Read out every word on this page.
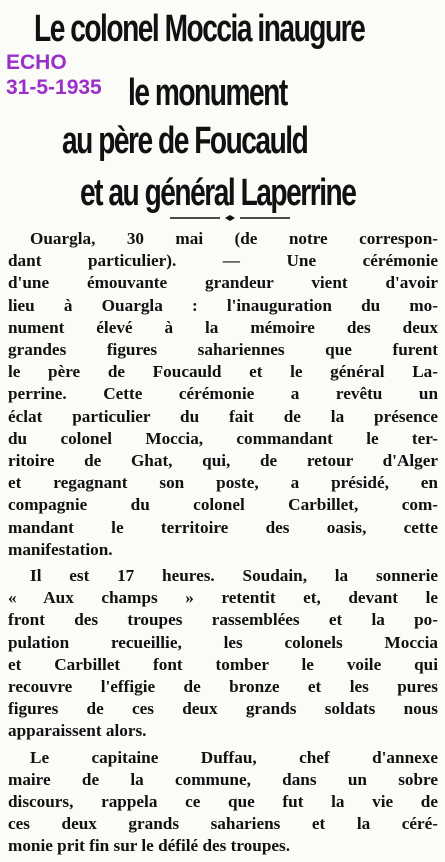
ECHO
31-5-1935
Le colonel Moccia inaugure
le monument
au père de Foucauld
et au général Laperrine
Ouargla, 30 mai (de notre correspon-
dant particulier). — Une cérémonie
d'une émouvante grandeur vient d'avoir
lieu à Ouargla : l'inauguration du mo-
nument élevé à la mémoire des deux
grandes figures sahariennes que furent
le père de Foucauld et le général La-
perrine. Cette cérémonie a revêtu un
éclat particulier du fait de la présence
du colonel Moccia, commandant le ter-
ritoire de Ghat, qui, de retour d'Alger
et regagnant son poste, a présidé, en
compagnie du colonel Carbillet, com-
mandant le territoire des oasis, cette
manifestation.
Il est 17 heures. Soudain, la sonnerie
« Aux champs » retentit et, devant le
front des troupes rassemblées et la po-
pulation recueillie, les colonels Moccia
et Carbillet font tomber le voile qui
recouvre l'effigie de bronze et les pures
figures de ces deux grands soldats nous
apparaissent alors.
Le capitaine Duffau, chef d'annexe
maire de la commune, dans un sobre
discours, rappela ce que fut la vie de
ces deux grands sahariens et la céré-
monie prit fin sur le défilé des troupes.
